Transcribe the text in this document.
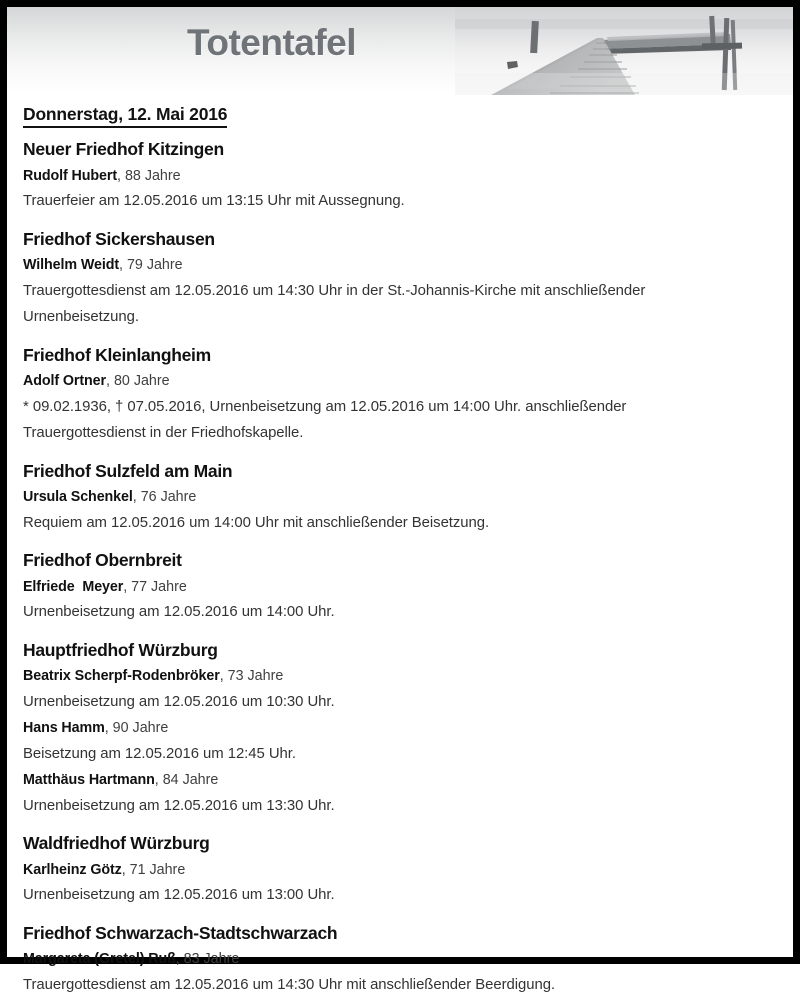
Totentafel
Donnerstag, 12. Mai 2016
Neuer Friedhof Kitzingen
Rudolf Hubert, 88 Jahre
Trauerfeier am 12.05.2016 um 13:15 Uhr mit Aussegnung.
Friedhof Sickershausen
Wilhelm Weidt, 79 Jahre
Trauergottesdienst am 12.05.2016 um 14:30 Uhr in der St.-Johannis-Kirche mit anschließender Urnenbeisetzung.
Friedhof Kleinlangheim
Adolf Ortner, 80 Jahre
* 09.02.1936, † 07.05.2016, Urnenbeisetzung am 12.05.2016 um 14:00 Uhr. anschließender Trauergottesdienst in der Friedhofskapelle.
Friedhof Sulzfeld am Main
Ursula Schenkel, 76 Jahre
Requiem am 12.05.2016 um 14:00 Uhr mit anschließender Beisetzung.
Friedhof Obernbreit
Elfriede  Meyer, 77 Jahre
Urnenbeisetzung am 12.05.2016 um 14:00 Uhr.
Hauptfriedhof Würzburg
Beatrix Scherpf-Rodenbröker, 73 Jahre
Urnenbeisetzung am 12.05.2016 um 10:30 Uhr.
Hans Hamm, 90 Jahre
Beisetzung am 12.05.2016 um 12:45 Uhr.
Matthäus Hartmann, 84 Jahre
Urnenbeisetzung am 12.05.2016 um 13:30 Uhr.
Waldfriedhof Würzburg
Karlheinz Götz, 71 Jahre
Urnenbeisetzung am 12.05.2016 um 13:00 Uhr.
Friedhof Schwarzach-Stadtschwarzach
Margareta (Gretel) Ruß, 83 Jahre
Trauergottesdienst am 12.05.2016 um 14:30 Uhr mit anschließender Beerdigung.
